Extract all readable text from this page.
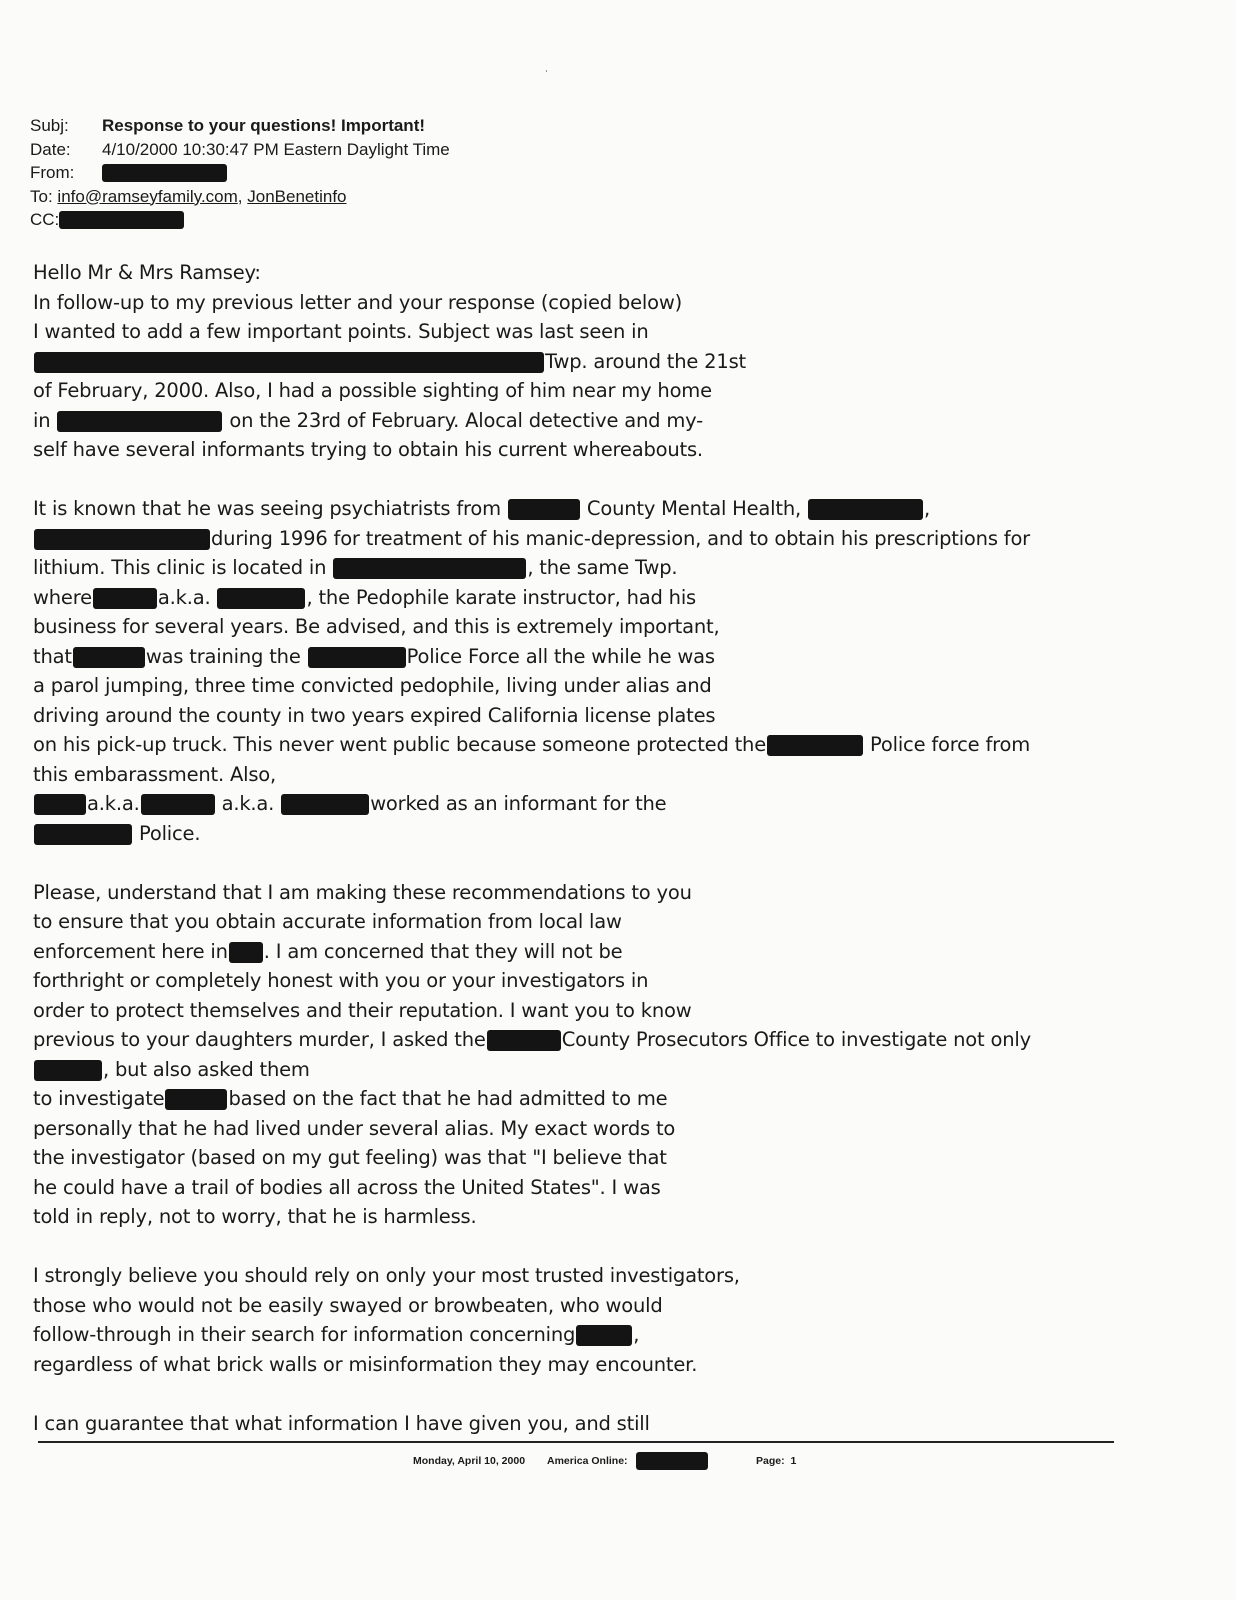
˙
Subj:	Response to your questions! Important!
Date:	4/10/2000 10:30:47 PM Eastern Daylight Time
From:
To:
info@ramseyfamily.com ,
JonBenetinfo
CC:
Hello Mr & Mrs Ramsey:
In follow-up to my previous letter and your response (copied below)
I wanted to add a few important points. Subject was last seen in
Twp. around the 21st
of February, 2000. Also, I had a possible sighting of him near my home
in	on the 23rd of February. Alocal detective and my-
self have several informants trying to obtain his current whereabouts.
It is known that he was seeing psychiatrists from	County Mental Health,	,
during 1996 for treatment of his manic-depression, and to obtain his prescriptions for
lithium. This clinic is located in	, the same Twp.
where	a.k.a.	, the Pedophile karate instructor, had his
business for several years. Be advised, and this is extremely important,
that	was training the	Police Force all the while he was
a parol jumping, three time convicted pedophile, living under alias and
driving around the county in two years expired California license plates
on his pick-up truck. This never went public because someone protected the	Police force from
this embarassment. Also,
a.k.a.	a.k.a.	worked as an informant for the
Police.
Please, understand that I am making these recommendations to you
to ensure that you obtain accurate information from local law
enforcement here in . I am concerned that they will not be
forthright or completely honest with you or your investigators in
order to protect themselves and their reputation. I want you to know
previous to your daughters murder, I asked the	County Prosecutors Office to investigate not only
, but also asked them
to investigate	based on the fact that he had admitted to me
personally that he had lived under several alias. My exact words to
the investigator (based on my gut feeling) was that "I believe that
he could have a trail of bodies all across the United States". I was
told in reply, not to worry, that he is harmless.
I strongly believe you should rely on only your most trusted investigators,
those who would not be easily swayed or browbeaten, who would
follow-through in their search for information concerning	,
regardless of what brick walls or misinformation they may encounter.
I can guarantee that what information I have given you, and still
Monday, April 10, 2000 America Online:	Page: 1
